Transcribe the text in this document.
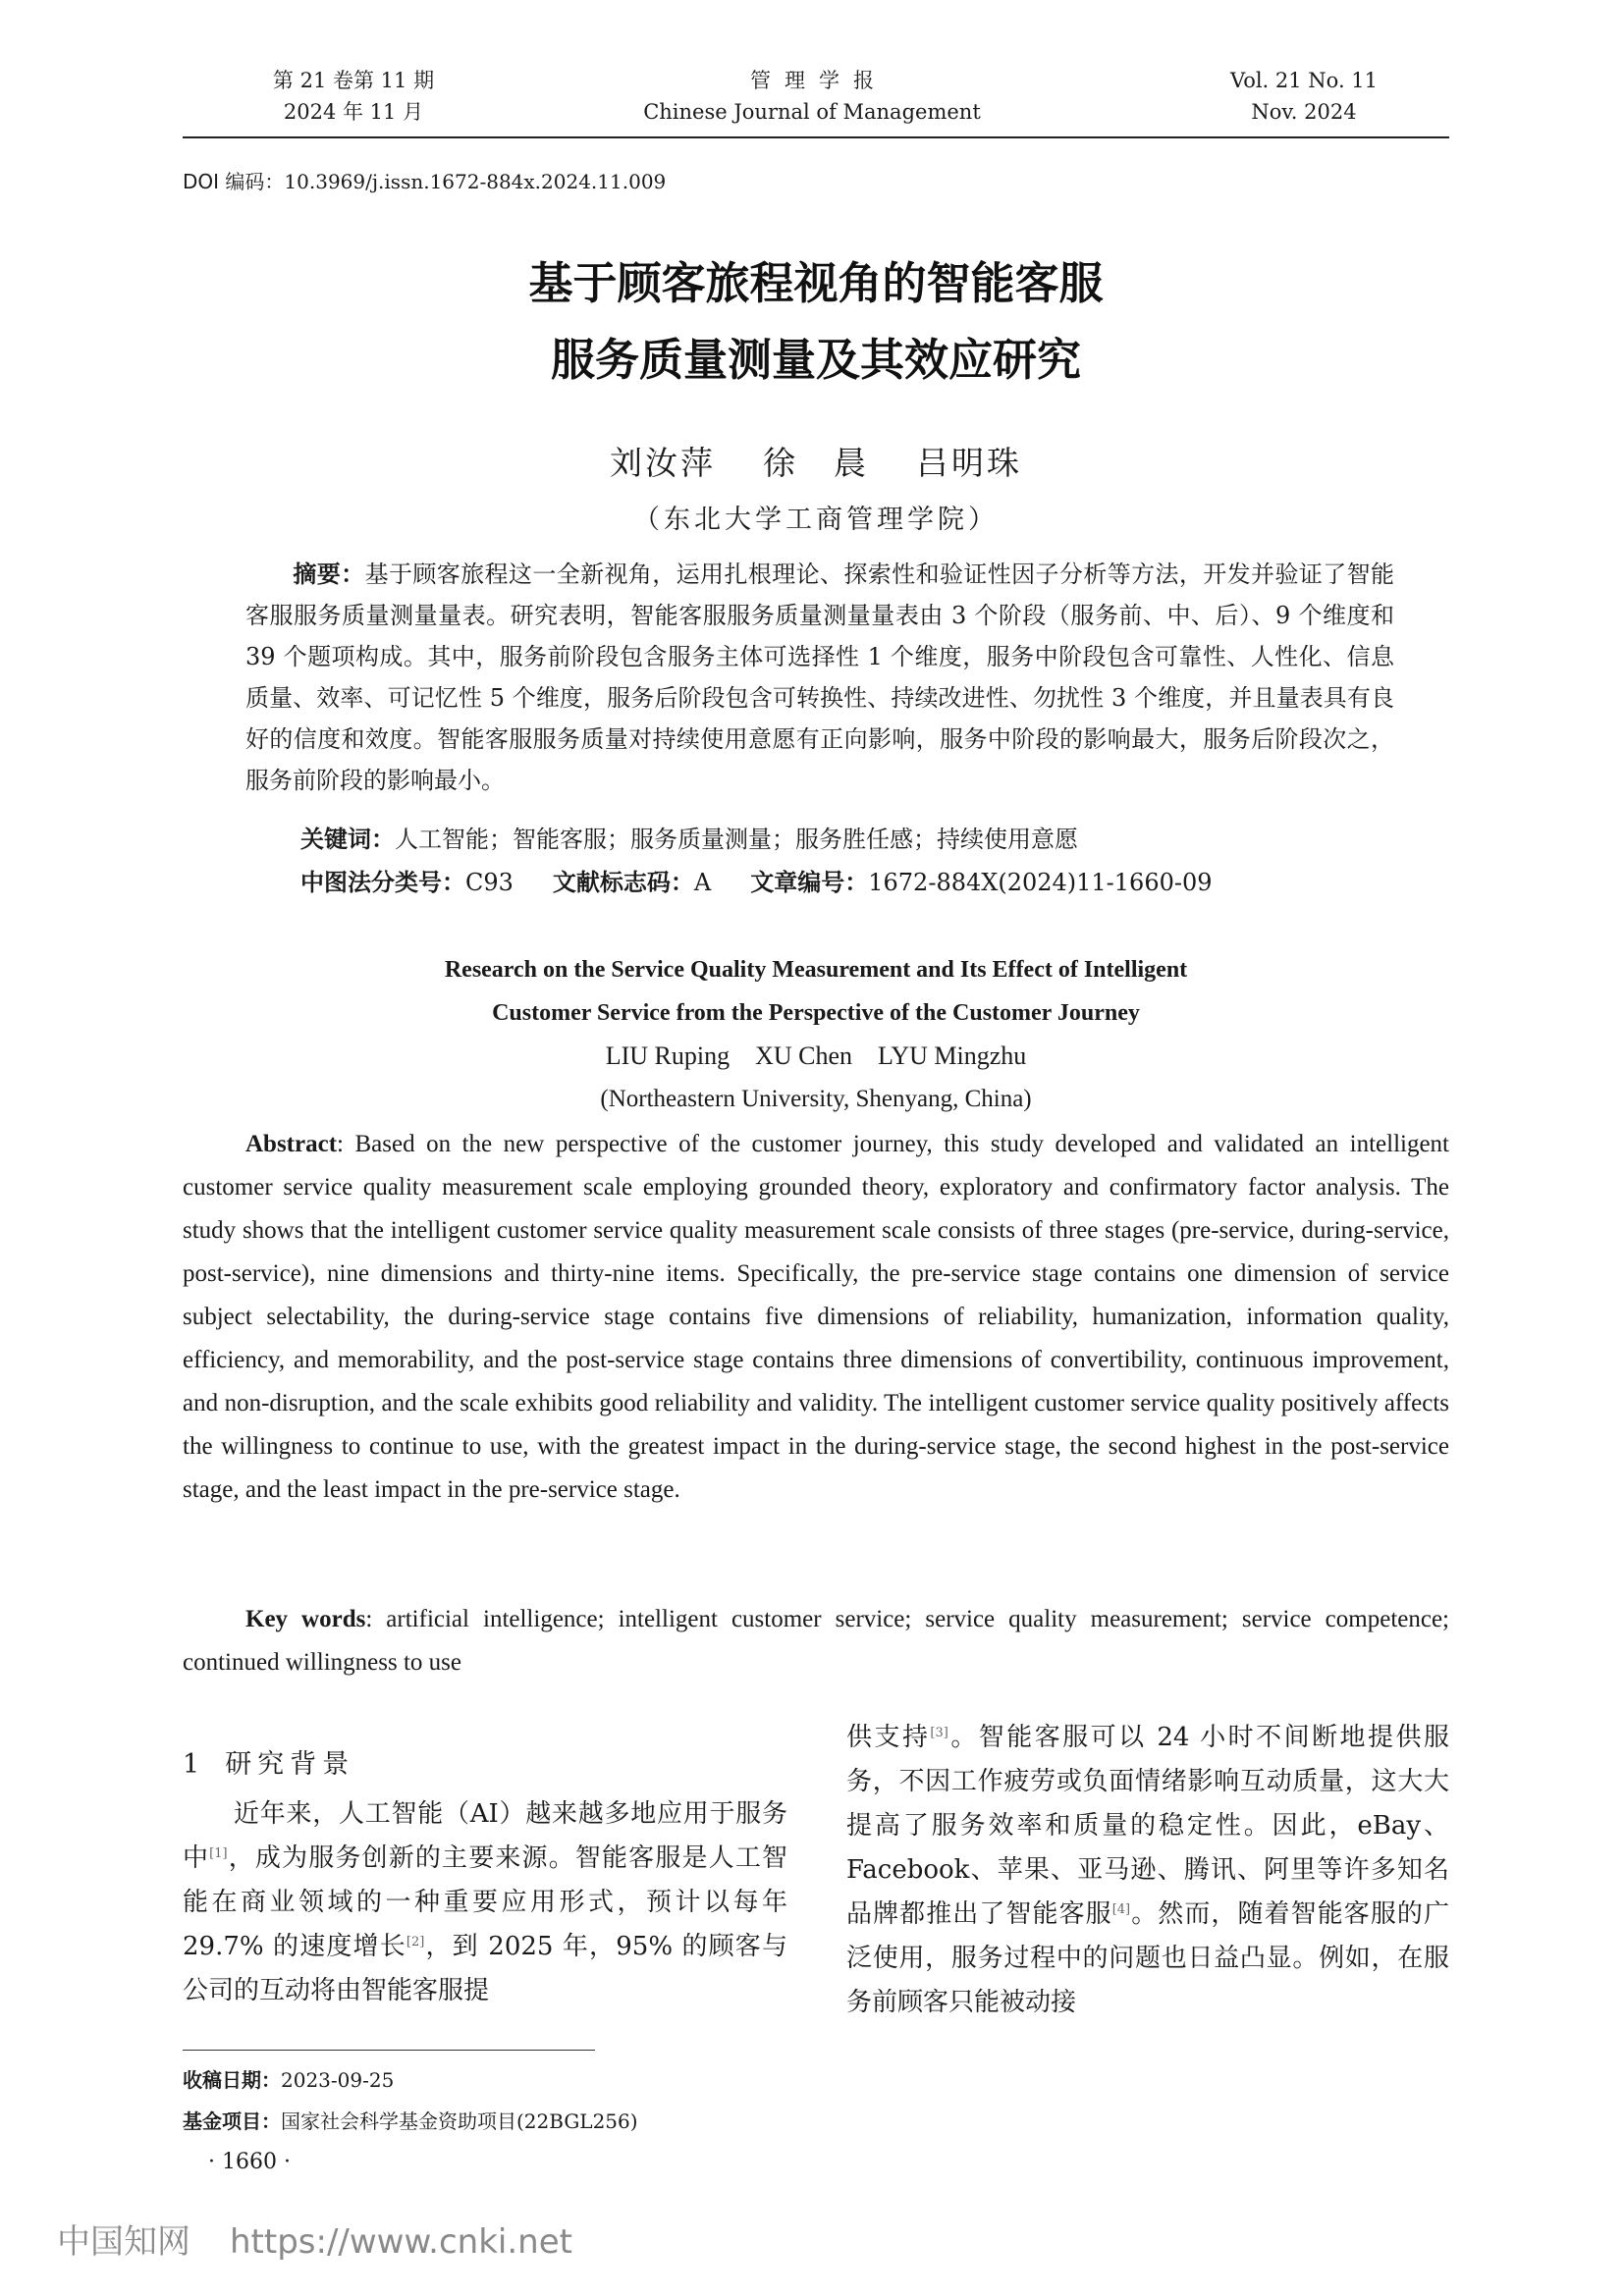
第 21 卷第 11 期
2024 年 11 月
管理学报
Chinese Journal of Management
Vol. 21 No. 11
Nov. 2024
DOI 编码：10.3969/j.issn.1672-884x.2024.11.009
基于顾客旅程视角的智能客服
服务质量测量及其效应研究
刘汝萍 徐　晨 吕明珠
（东北大学工商管理学院）
摘要：基于顾客旅程这一全新视角，运用扎根理论、探索性和验证性因子分析等方法，开发并验证了智能客服服务质量测量量表。研究表明，智能客服服务质量测量量表由 3 个阶段（服务前、中、后）、9 个维度和 39 个题项构成。其中，服务前阶段包含服务主体可选择性 1 个维度，服务中阶段包含可靠性、人性化、信息质量、效率、可记忆性 5 个维度，服务后阶段包含可转换性、持续改进性、勿扰性 3 个维度，并且量表具有良好的信度和效度。智能客服服务质量对持续使用意愿有正向影响，服务中阶段的影响最大，服务后阶段次之，服务前阶段的影响最小。
关键词：人工智能；智能客服；服务质量测量；服务胜任感；持续使用意愿
中图法分类号：C93 文献标志码：A 文章编号：1672-884X(2024)11-1660-09
Research on the Service Quality Measurement and Its Effect of Intelligent
Customer Service from the Perspective of the Customer Journey
LIU Ruping XU Chen LYU Mingzhu
(Northeastern University, Shenyang, China)
Abstract: Based on the new perspective of the customer journey, this study developed and validated an intelligent customer service quality measurement scale employing grounded theory, exploratory and confirmatory factor analysis. The study shows that the intelligent customer service quality measurement scale consists of three stages (pre-service, during-service, post-service), nine dimensions and thirty-nine items. Specifically, the pre-service stage contains one dimension of service subject selectability, the during-service stage contains five dimensions of reliability, humanization, information quality, efficiency, and memorability, and the post-service stage contains three dimensions of convertibility, continuous improvement, and non-disruption, and the scale exhibits good reliability and validity. The intelligent customer service quality positively affects the willingness to continue to use, with the greatest impact in the during-service stage, the second highest in the post-service stage, and the least impact in the pre-service stage.
Key words: artificial intelligence; intelligent customer service; service quality measurement; service competence; continued willingness to use
1 研究背景
近年来，人工智能（AI）越来越多地应用于服务中[1]，成为服务创新的主要来源。智能客服是人工智能在商业领域的一种重要应用形式，预计以每年 29.7% 的速度增长[2]，到 2025 年，95% 的顾客与公司的互动将由智能客服提
供支持[3]。智能客服可以 24 小时不间断地提供服务，不因工作疲劳或负面情绪影响互动质量，这大大提高了服务效率和质量的稳定性。因此，eBay、Facebook、苹果、亚马逊、腾讯、阿里等许多知名品牌都推出了智能客服[4]。然而，随着智能客服的广泛使用，服务过程中的问题也日益凸显。例如，在服务前顾客只能被动接
收稿日期：2023-09-25
基金项目：国家社会科学基金资助项目(22BGL256)
· 1660 ·
中国知网 https://www.cnki.net
